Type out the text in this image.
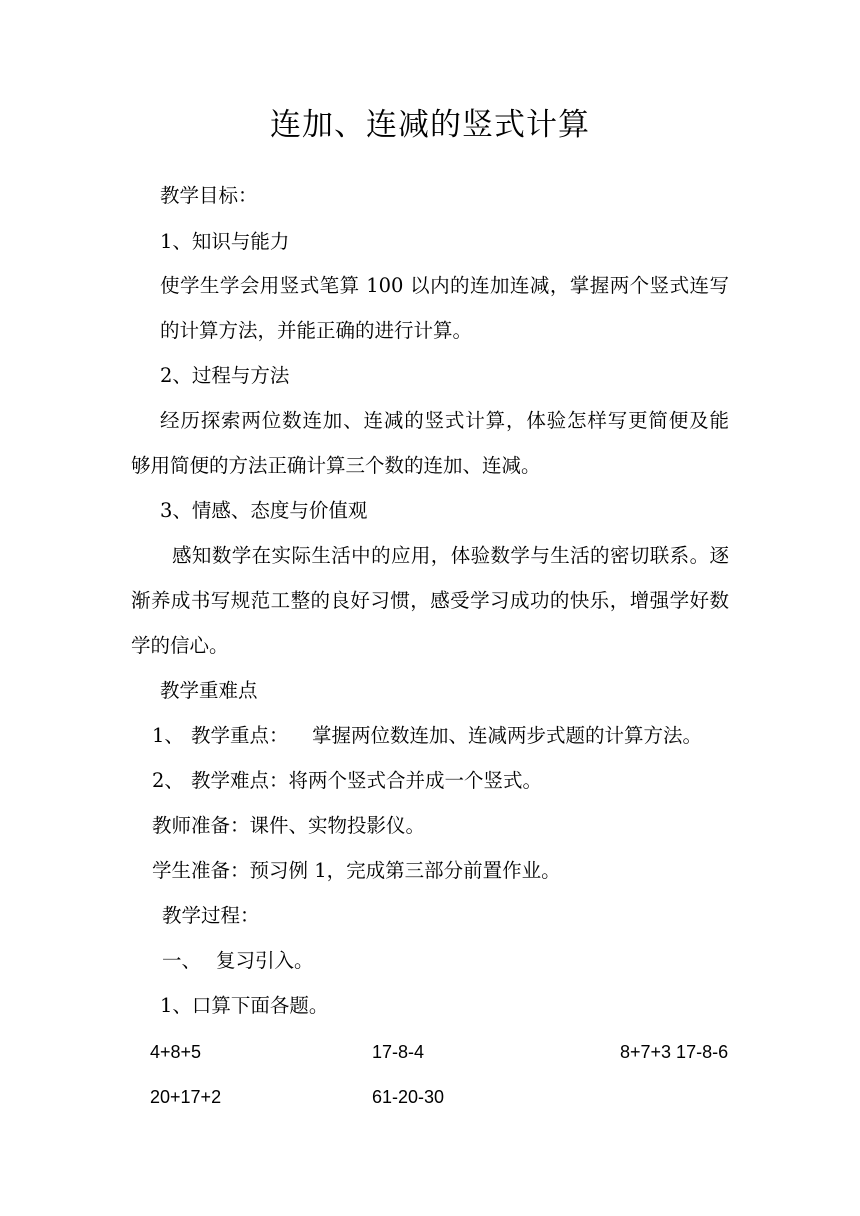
连加、连减的竖式计算
教学目标：
1、知识与能力
使学生学会用竖式笔算 100 以内的连加连减，掌握两个竖式连写
的计算方法，并能正确的进行计算。
2、过程与方法
经历探索两位数连加、连减的竖式计算，体验怎样写更简便及能
够用简便的方法正确计算三个数的连加、连减。
3、情感、态度与价值观
感知数学在实际生活中的应用，体验数学与生活的密切联系。逐
渐养成书写规范工整的良好习惯，感受学习成功的快乐，增强学好数
学的信心。
教学重难点
1、 教学重点： 掌握两位数连加、连减两步式题的计算方法。
2、 教学难点：将两个竖式合并成一个竖式。
教师准备：课件、实物投影仪。
学生准备：预习例 1，完成第三部分前置作业。
教学过程：
一、 复习引入。
1、口算下面各题。
4+8+5	17-8-4	8+7+3 17-8-6
20+17+2	61-20-30
